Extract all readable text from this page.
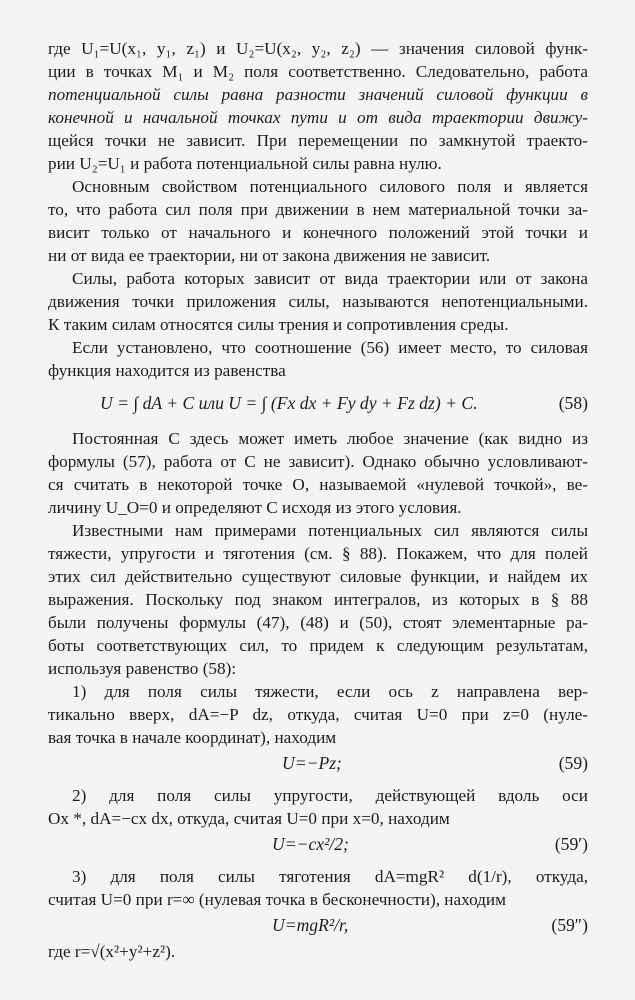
где U₁=U(x₁, y₁, z₁) и U₂=U(x₂, y₂, z₂) — значения силовой функ-
ции в точках M₁ и M₂ поля соответственно. Следовательно, работа
потенциальной силы равна разности значений силовой функции в
конечной и начальной точках пути и от вида траектории движу-
щейся точки не зависит. При перемещении по замкнутой траекто-
рии U₂=U₁ и работа потенциальной силы равна нулю.
Основным свойством потенциального силового поля и является
то, что работа сил поля при движении в нем материальной точки за-
висит только от начального и конечного положений этой точки и
ни от вида ее траектории, ни от закона движения не зависит.
Силы, работа которых зависит от вида траектории или от закона
движения точки приложения силы, называются непотенциальными.
К таким силам относятся силы трения и сопротивления среды.
Если установлено, что соотношение (56) имеет место, то силовая
функция находится из равенства
U = ∫ dA + C или U = ∫ (Fx dx + Fy dy + Fz dz) + C.	(58)
Постоянная C здесь может иметь любое значение (как видно из
формулы (57), работа от C не зависит). Однако обычно условливают-
ся считать в некоторой точке O, называемой «нулевой точкой», ве-
личину U_O=0 и определяют C исходя из этого условия.
Известными нам примерами потенциальных сил являются силы
тяжести, упругости и тяготения (см. § 88). Покажем, что для полей
этих сил действительно существуют силовые функции, и найдем их
выражения. Поскольку под знаком интегралов, из которых в § 88
были получены формулы (47), (48) и (50), стоят элементарные ра-
боты соответствующих сил, то придем к следующим результатам,
используя равенство (58):
1) для поля силы тяжести, если ось z направлена вер-
тикально вверх, dA=−P dz, откуда, считая U=0 при z=0 (нуле-
вая точка в начале координат), находим
U=−Pz;	(59)
2) для поля силы упругости, действующей вдоль оси
Ox *, dA=−cx dx, откуда, считая U=0 при x=0, находим
U=−cx²/2;	(59′)
3) для поля силы тяготения dA=mgR² d(1/r), откуда,
считая U=0 при r=∞ (нулевая точка в бесконечности), находим
U=mgR²/r,	(59″)
где r=√(x²+y²+z²).
